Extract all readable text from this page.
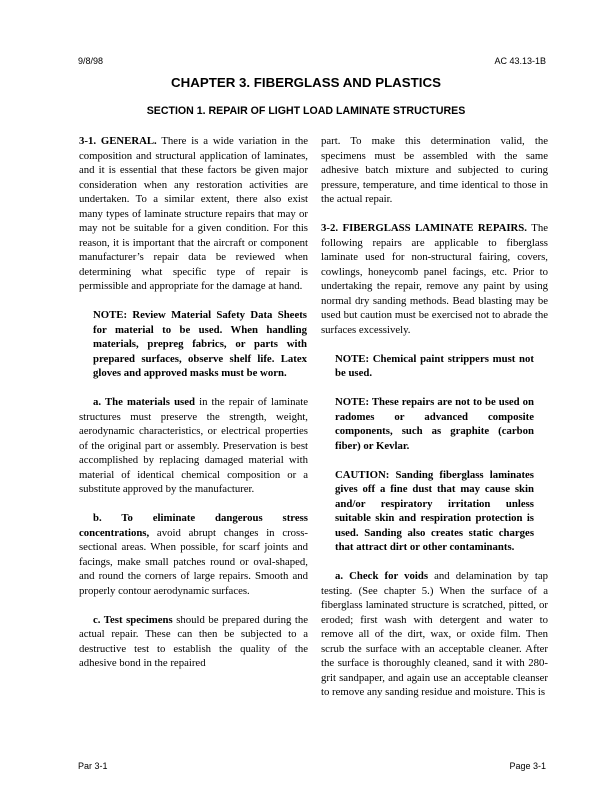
9/8/98	AC 43.13-1B
CHAPTER 3. FIBERGLASS AND PLASTICS
SECTION 1. REPAIR OF LIGHT LOAD LAMINATE STRUCTURES

3-1. GENERAL. There is a wide variation in the composition and structural application of laminates, and it is essential that these factors be given major consideration when any restoration activities are undertaken. To a similar extent, there also exist many types of laminate structure repairs that may or may not be suitable for a given condition. For this reason, it is important that the aircraft or component manufacturer’s repair data be reviewed when determining what specific type of repair is permissible and appropriate for the damage at hand.

NOTE: Review Material Safety Data Sheets for material to be used. When handling materials, prepreg fabrics, or parts with prepared surfaces, observe shelf life. Latex gloves and approved masks must be worn.

a. The materials used in the repair of laminate structures must preserve the strength, weight, aerodynamic characteristics, or electrical properties of the original part or assembly. Preservation is best accomplished by replacing damaged material with material of identical chemical composition or a substitute approved by the manufacturer.

b. To eliminate dangerous stress concentrations, avoid abrupt changes in cross-sectional areas. When possible, for scarf joints and facings, make small patches round or oval-shaped, and round the corners of large repairs. Smooth and properly contour aerodynamic surfaces.

c. Test specimens should be prepared during the actual repair. These can then be subjected to a destructive test to establish the quality of the adhesive bond in the repaired

part. To make this determination valid, the specimens must be assembled with the same adhesive batch mixture and subjected to curing pressure, temperature, and time identical to those in the actual repair.

3-2. FIBERGLASS LAMINATE REPAIRS. The following repairs are applicable to fiberglass laminate used for non-structural fairing, covers, cowlings, honeycomb panel facings, etc. Prior to undertaking the repair, remove any paint by using normal dry sanding methods. Bead blasting may be used but caution must be exercised not to abrade the surfaces excessively.

NOTE: Chemical paint strippers must not be used.
NOTE: These repairs are not to be used on radomes or advanced composite components, such as graphite (carbon fiber) or Kevlar.
CAUTION: Sanding fiberglass laminates gives off a fine dust that may cause skin and/or respiratory irritation unless suitable skin and respiration protection is used. Sanding also creates static charges that attract dirt or other contaminants.

a. Check for voids and delamination by tap testing. (See chapter 5.) When the surface of a fiberglass laminated structure is scratched, pitted, or eroded; first wash with detergent and water to remove all of the dirt, wax, or oxide film. Then scrub the surface with an acceptable cleaner. After the surface is thoroughly cleaned, sand it with 280-grit sandpaper, and again use an acceptable cleanser to remove any sanding residue and moisture. This is

Par 3-1	Page 3-1
